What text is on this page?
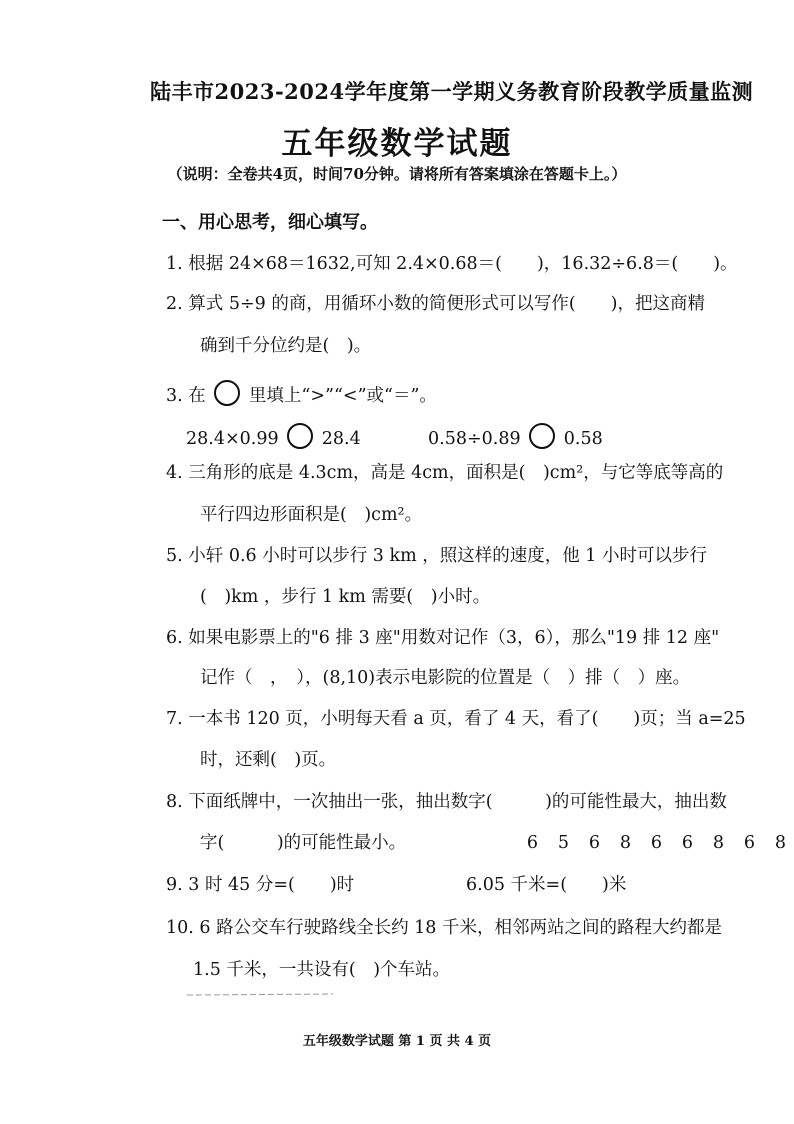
陆丰市2023-2024学年度第一学期义务教育阶段教学质量监测
五年级数学试题
（说明：全卷共4页，时间70分钟。请将所有答案填涂在答题卡上。）
一、用心思考，细心填写。
1. 根据 24×68＝1632,可知 2.4×0.68＝(　　)，16.32÷6.8＝(　　)。
2. 算式 5÷9 的商，用循环小数的简便形式可以写作(　　)，把这商精
确到千分位约是(　)。
3. 在 里填上“>”“<”或“＝”。
28.4×0.99 28.4	0.58÷0.89 0.58
4. 三角形的底是 4.3cm，高是 4cm，面积是(　)cm²，与它等底等高的
平行四边形面积是(　)cm²。
5. 小轩 0.6 小时可以步行 3 km ，照这样的速度，他 1 小时可以步行
(　)km ，步行 1 km 需要(　)小时。
6. 如果电影票上的"6 排 3 座"用数对记作（3，6），那么"19 排 12 座"
记作（　，　），(8,10)表示电影院的位置是（　）排（　）座。
7. 一本书 120 页，小明每天看 a 页，看了 4 天，看了(　　)页；当 a=25
时，还剩(　)页。
8. 下面纸牌中，一次抽出一张，抽出数字(　　　)的可能性最大，抽出数
字(　　　)的可能性最小。	6 5 6 8 6 6 8 6 8
9. 3 时 45 分=(　　)时	6.05 千米=(　　)米
10. 6 路公交车行驶路线全长约 18 千米，相邻两站之间的路程大约都是
1.5 千米，一共设有(　)个车站。
五年级数学试题 第 1 页 共 4 页
